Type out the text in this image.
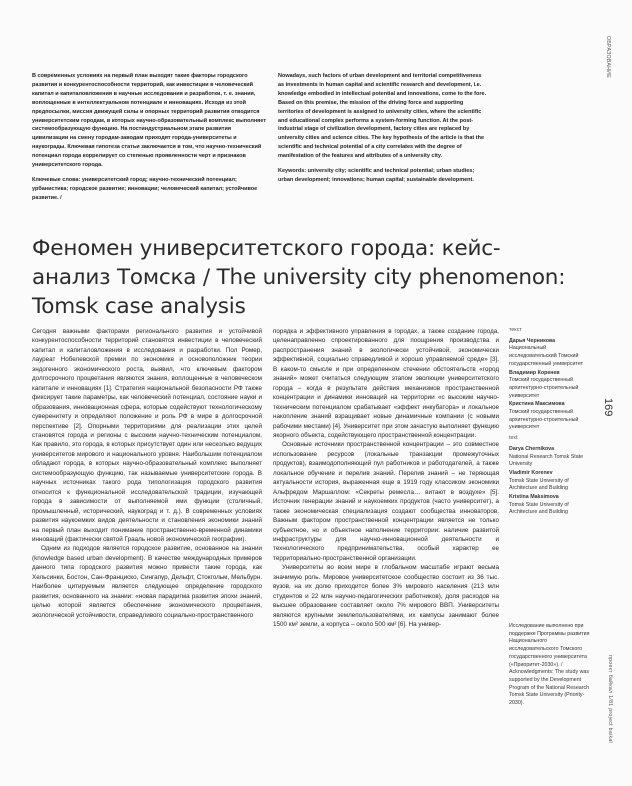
В современных условиях на первый план выходят такие факторы городского развития и конкурентоспособности территорий, как инвестиции в человеческий капитал и капиталовложения в научные исследования и разработки, т. е. знания, воплощенные в интеллектуальном потенциале и инновациях. Исходя из этой предпосылки, миссия движущей силы и опорных территорий развития отводится университетским городам, в которых научно-образовательный комплекс выполняет системообразующую функцию. На постиндустриальном этапе развития цивилизации на смену городам-заводам приходят города-университеты и наукограды. Ключевая гипотеза статьи заключается в том, что научно-технический потенциал города коррелирует со степенью проявленности черт и признаков университетского города.

Ключевые слова: университетский город; научно-технический потенциал; урбанистика; городское развитие; инновации; человеческий капитал; устойчивое развитие. /

Nowadays, such factors of urban development and territorial competitiveness as investments in human capital and scientific research and development, i.e. knowledge embodied in intellectual potential and innovations, come to the fore. Based on this premise, the mission of the driving force and supporting territories of development is assigned to university cities, where the scientific and educational complex performs a system-forming function. At the post-industrial stage of civilization development, factory cities are replaced by university cities and science cities. The key hypothesis of the article is that the scientific and technical potential of a city correlates with the degree of manifestation of the features and attributes of a university city.

Keywords: university city; scientific and technical potential; urban studies; urban development; innovations; human capital; sustainable development.

Феномен университетского города: кейс-анализ Томска / The university city phenomenon: Tomsk case analysis

Сегодня важными факторами регионального развития и устойчивой конкурентоспособности территорий становятся инвестиции в человеческий капитал и капиталовложения в исследования и разработки. Пол Ромер, лауреат Нобелевской премии по экономике и основоположник теории эндогенного экономического роста, выявил, что ключевым фактором долгосрочного процветания являются знания, воплощенные в человеческом капитале и инновациях [1]. Стратегия национальной безопасности РФ также фиксирует такие параметры, как человеческий потенциал, состояние науки и образования, инновационная сфера, которые содействуют технологическому суверенитету и определяют положение и роль РФ в мире в долгосрочной перспективе [2]. Опорными территориями для реализации этих целей становятся города и регионы с высоким научно-техническим потенциалом. Как правило, это города, в которых присутствует один или несколько ведущих университетов мирового и национального уровня. Наибольшим потенциалом обладают города, в которых научно-образовательный комплекс выполняет системообразующую функцию, так называемые университетские города. В научных источниках такого рода типологизация городского развития относится к функциональной исследовательской традиции, изучающей города в зависимости от выполняемой ими функции (столичный, промышленный, исторический, наукоград и т. д.). В современных условиях развития наукоемких видов деятельности и становления экономики знаний на первый план выходит понимание пространственно-временной динамики инноваций (фактически святой Грааль новой экономической географии).

Одним из подходов является городское развитие, основанное на знании (knowledge based urban development). В качестве международных примеров данного типа городского развития можно привести такие города, как Хельсинки, Бостон, Сан-Франциско, Сингапур, Дельфт, Стокгольм, Мельбурн. Наиболее цитируемым является следующее определение городского развития, основанного на знании: «новая парадигма развития эпохи знаний, целью которой является обеспечение экономического процветания, экологической устойчивости, справедливого социально-пространственного

порядка и эффективного управления в городах, а также создание города, целенаправленно спроектированного для поощрения производства и распространения знаний в экологически устойчивой, экономически эффективной, социально справедливой и хорошо управляемой среде» [3]. В каком-то смысле и при определенном стечении обстоятельств «город знаний» может считаться следующим этапом эволюции университетского города – когда в результате действия механизмов пространственной концентрации и динамики инноваций на территории «с высоким научно-техническим потенциалом срабатывает «эффект инкубатора» и локальное накопление знаний взращивает новые динамичные компании (с новыми рабочими местами) [4]. Университет при этом зачастую выполняет функцию якорного объекта, содействующего пространственной концентрации.

Основные источники пространственной концентрации – это совместное использование ресурсов (локальные транзакции промежуточных продуктов), взаимодополняющий пул работников и работодателей, а также локальное обучение и перелив знаний. Перелив знаний – не теряющая актуальности история, выраженная еще в 1919 году классиком экономики Альфредом Маршаллом: «Секреты ремесла… витают в воздухе» [5]. Источник генерации знаний и наукоемких продуктов (часто университет), а также экономическая специализация создают сообщества инноваторов. Важным фактором пространственной концентрации является не только субъектное, но и объектное наполнение территории: наличие развитой инфраструктуры для научно-инновационной деятельности и технологического предпринимательства, особый характер ее территориально-пространственной организации.

Университеты во всем мире в глобальном масштабе играют весьма значимую роль. Мировое университетское сообщество состоит из 36 тыс. вузов, на их долю приходится более 3% мирового населения (213 млн студентов и 22 млн научно-педагогических работников), доля расходов на высшее образование составляет около 7% мирового ВВП. Университеты являются крупными землепользователями, их кампусы занимают более 1500 км² земли, а корпуса – около 500 км² [6]. На универ-

текст
Дарья Черникова
Национальный исследовательский Томский государственный университет
Владимир Коренев
Томский государственный архитектурно-строительный университет
Кристина Максимова
Томский государственный архитектурно-строительный университет
text
Darya Chernikova
National Research Tomsk State University
Vladimir Korenev
Tomsk State University of Architecture and Building
Kristina Maksimova
Tomsk State University of Architecture and Building
Исследование выполнено при поддержке Программы развития Национального исследовательского Томского государственного университета («Приоритет-2030»). /
Acknowledgments: The study was supported by the Development Program of the National Research Tomsk State University (Priority-2030).
ОБРАЗОВАНИЕ
169
проект байкал 1/81 project baikal
